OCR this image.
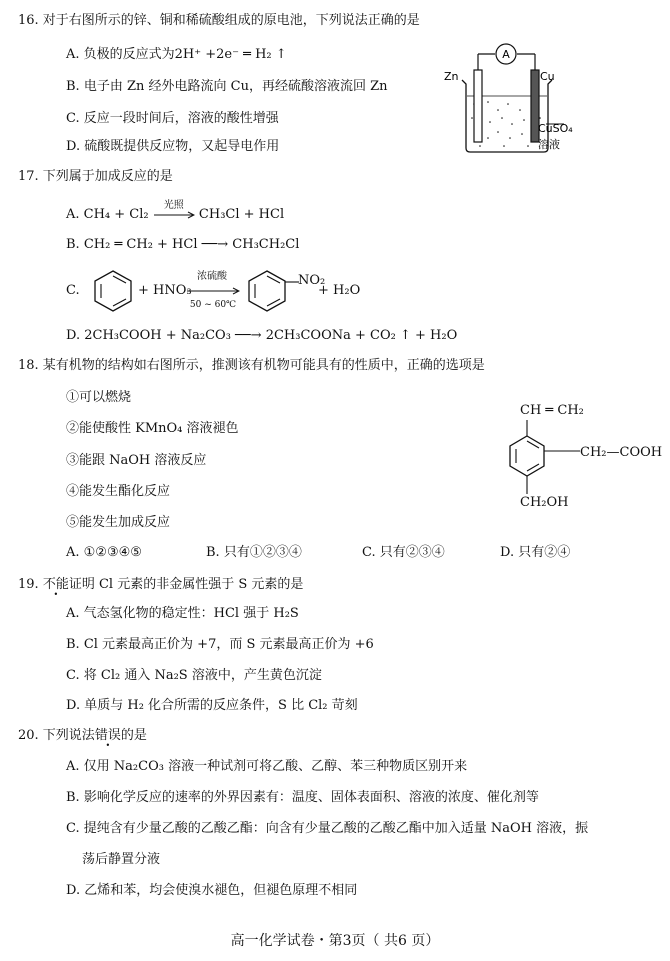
16. 对于右图所示的锌、铜和稀硫酸组成的原电池，下列说法正确的是
A. 负极的反应式为2H⁺ +2e⁻ ═ H₂ ↑
B. 电子由 Zn 经外电路流向 Cu，再经硫酸溶液流回 Zn
C. 反应一段时间后，溶液的酸性增强
D. 硫酸既提供反应物，又起导电作用
A
Zn	Cu
CuSO₄
溶液
17. 下列属于加成反应的是
A. CH₄ + Cl₂
光照
CH₃Cl + HCl
B. CH₂ ═ CH₂ + HCl ──→ CH₃CH₂Cl
C.	+ HNO₃
浓硫酸
50 ~ 60℃
NO₂
+ H₂O
D. 2CH₃COOH + Na₂CO₃ ──→ 2CH₃COONa + CO₂ ↑ + H₂O
18. 某有机物的结构如右图所示，推测该有机物可能具有的性质中，正确的选项是
①可以燃烧
②能使酸性 KMnO₄ 溶液褪色
③能跟 NaOH 溶液反应
④能发生酯化反应
⑤能发生加成反应
A. ①②③④⑤	B. 只有①②③④	C. 只有②③④	D. 只有②④
CH ═ CH₂
CH₂—COOH
CH₂OH
19. 不能证明 Cl 元素的非金属性强于 S 元素的是
A. 气态氢化物的稳定性：HCl 强于 H₂S
B. Cl 元素最高正价为 +7，而 S 元素最高正价为 +6
C. 将 Cl₂ 通入 Na₂S 溶液中，产生黄色沉淀
D. 单质与 H₂ 化合所需的反应条件，S 比 Cl₂ 苛刻
20. 下列说法错误的是
A. 仅用 Na₂CO₃ 溶液一种试剂可将乙酸、乙醇、苯三种物质区别开来
B. 影响化学反应的速率的外界因素有：温度、固体表面积、溶液的浓度、催化剂等
C. 提纯含有少量乙酸的乙酸乙酯：向含有少量乙酸的乙酸乙酯中加入适量 NaOH 溶液，振
荡后静置分液
D. 乙烯和苯，均会使溴水褪色，但褪色原理不相同
高一化学试卷・第3页（ 共6 页）
